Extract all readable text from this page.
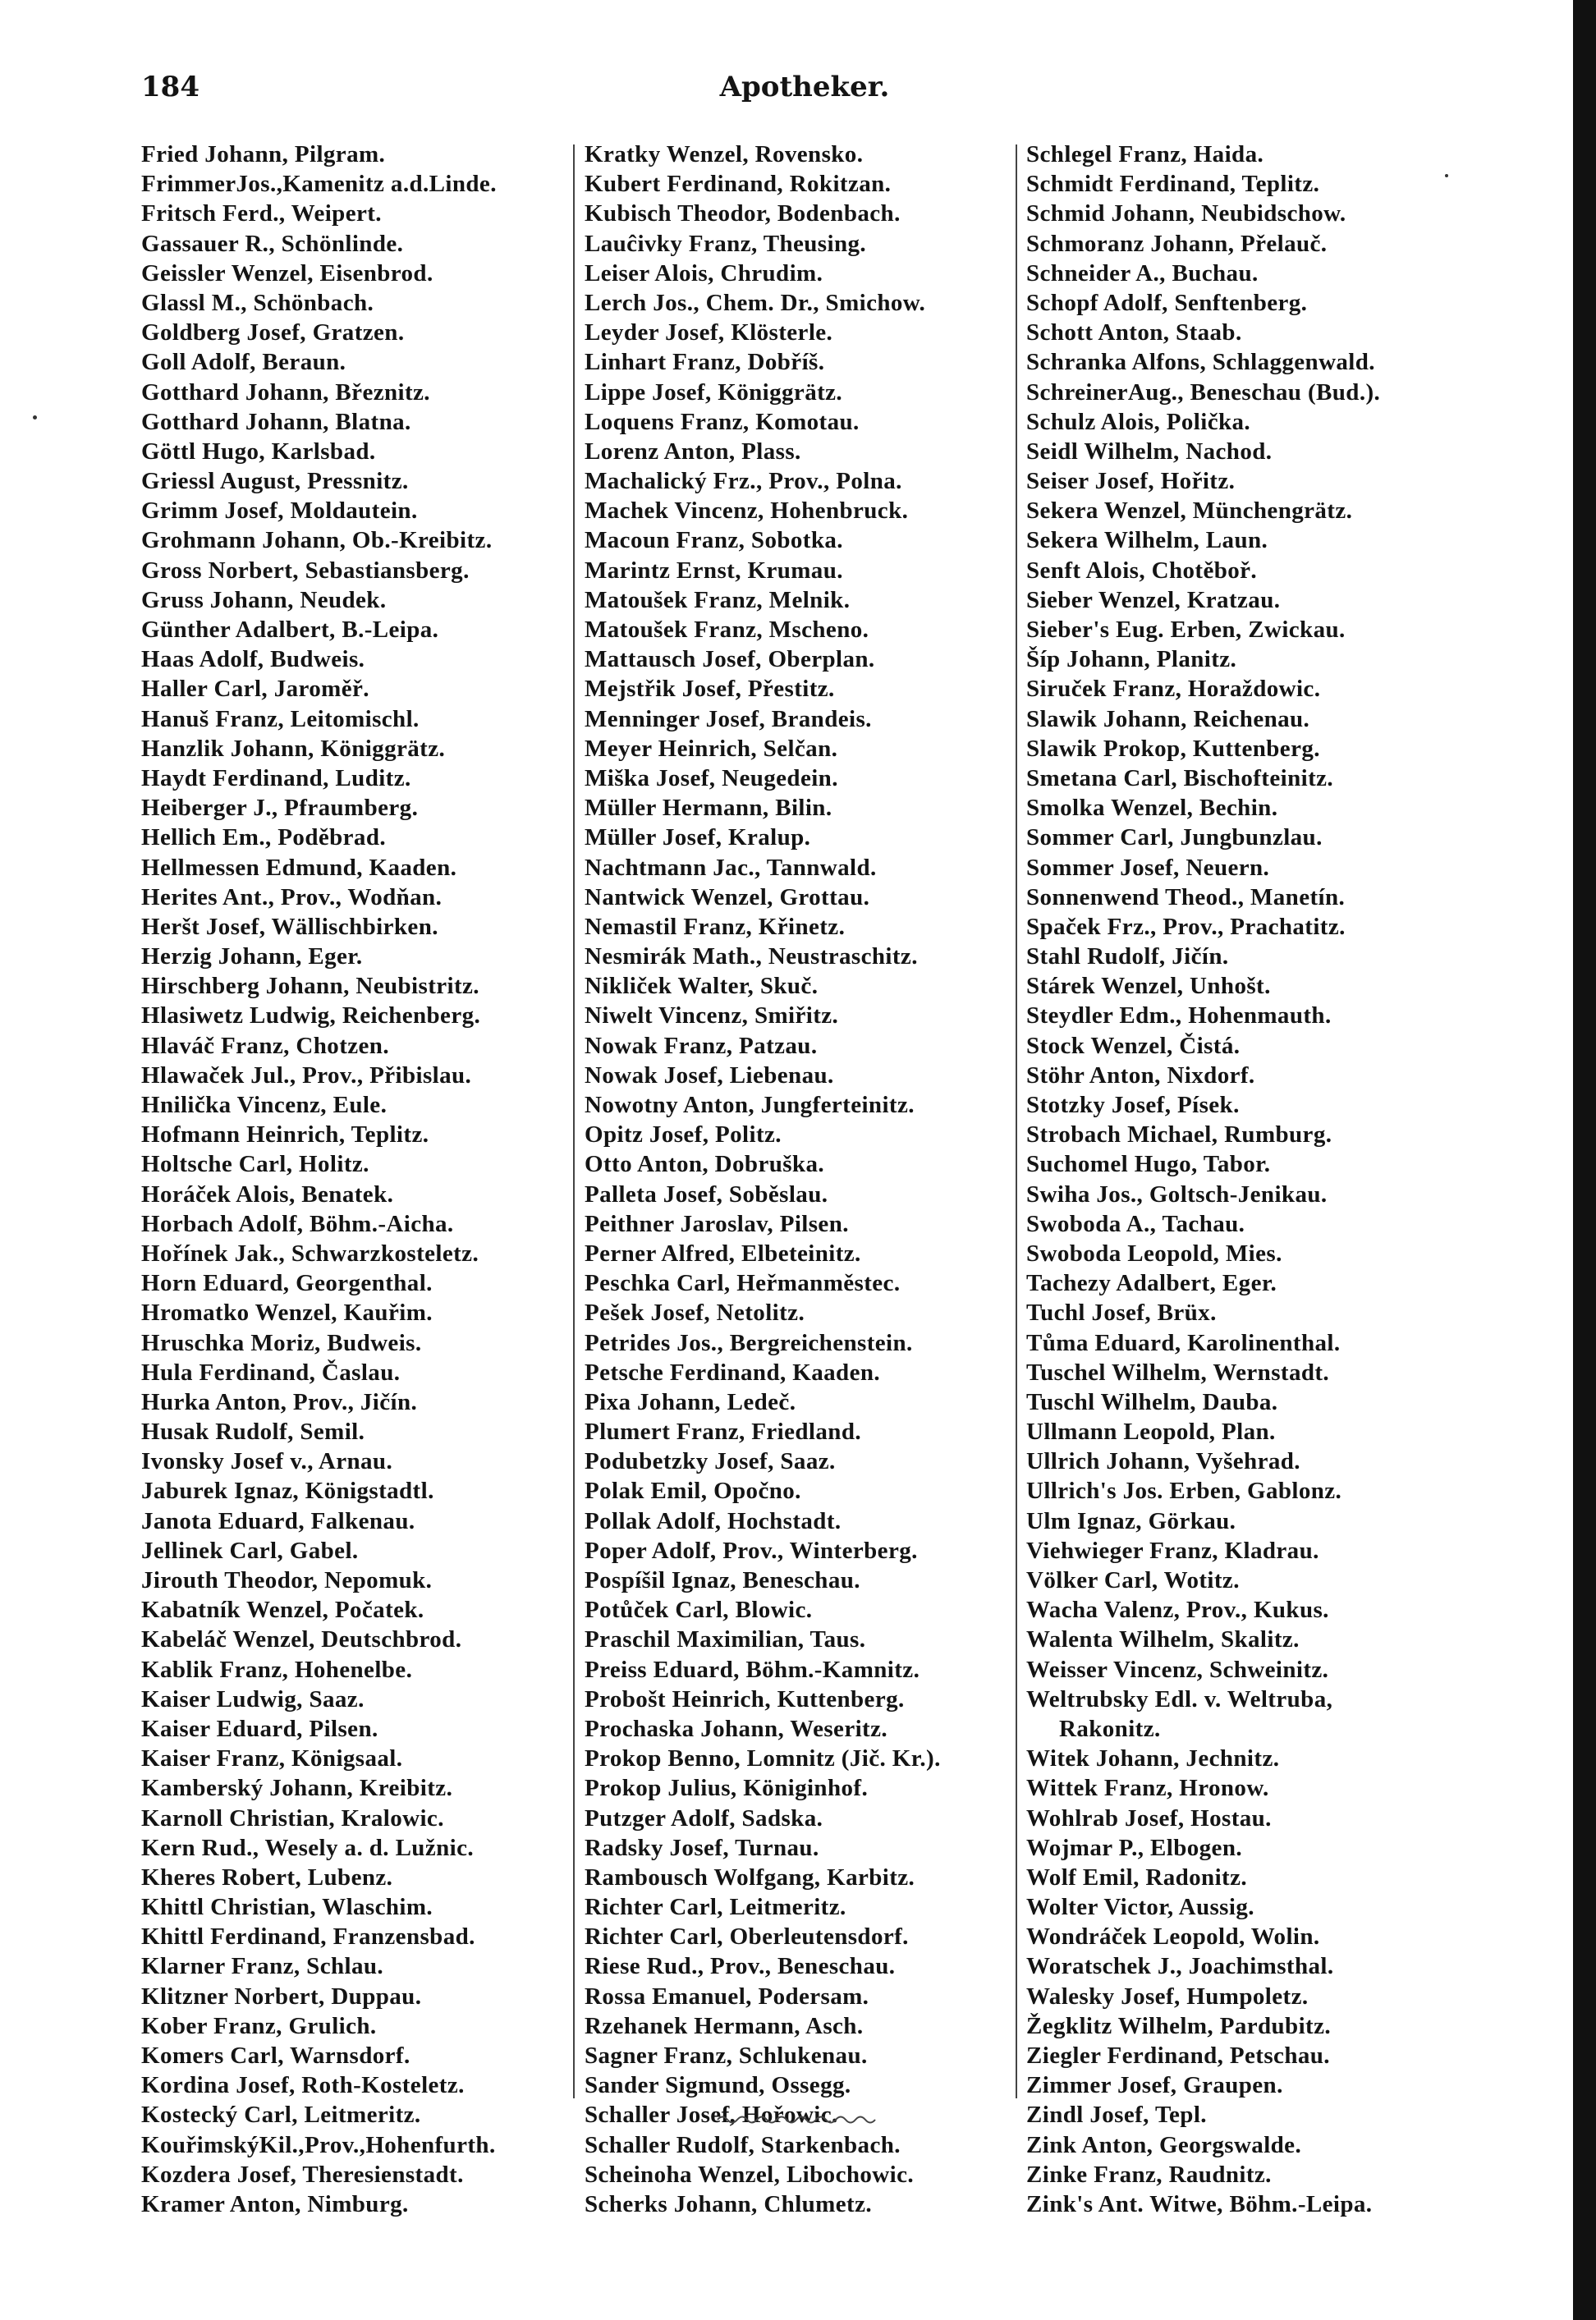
184	Apotheker.
Fried Johann, Pilgram.
FrimmerJos.,Kamenitz a.d.Linde.
Fritsch Ferd., Weipert.
Gassauer R., Schönlinde.
Geissler Wenzel, Eisenbrod.
Glassl M., Schönbach.
Goldberg Josef, Gratzen.
Goll Adolf, Beraun.
Gotthard Johann, Březnitz.
Gotthard Johann, Blatna.
Göttl Hugo, Karlsbad.
Griessl August, Pressnitz.
Grimm Josef, Moldautein.
Grohmann Johann, Ob.-Kreibitz.
Gross Norbert, Sebastiansberg.
Gruss Johann, Neudek.
Günther Adalbert, B.-Leipa.
Haas Adolf, Budweis.
Haller Carl, Jaroměř.
Hanuš Franz, Leitomischl.
Hanzlik Johann, Königgrätz.
Haydt Ferdinand, Luditz.
Heiberger J., Pfraumberg.
Hellich Em., Poděbrad.
Hellmessen Edmund, Kaaden.
Herites Ant., Prov., Wodňan.
Heršt Josef, Wällischbirken.
Herzig Johann, Eger.
Hirschberg Johann, Neubistritz.
Hlasiwetz Ludwig, Reichenberg.
Hlaváč Franz, Chotzen.
Hlawaček Jul., Prov., Přibislau.
Hnilička Vincenz, Eule.
Hofmann Heinrich, Teplitz.
Holtsche Carl, Holitz.
Horáček Alois, Benatek.
Horbach Adolf, Böhm.-Aicha.
Hořínek Jak., Schwarzkosteletz.
Horn Eduard, Georgenthal.
Hromatko Wenzel, Kauřim.
Hruschka Moriz, Budweis.
Hula Ferdinand, Časlau.
Hurka Anton, Prov., Jičín.
Husak Rudolf, Semil.
Ivonsky Josef v., Arnau.
Jaburek Ignaz, Königstadtl.
Janota Eduard, Falkenau.
Jellinek Carl, Gabel.
Jirouth Theodor, Nepomuk.
Kabatník Wenzel, Počatek.
Kabeláč Wenzel, Deutschbrod.
Kablik Franz, Hohenelbe.
Kaiser Ludwig, Saaz.
Kaiser Eduard, Pilsen.
Kaiser Franz, Königsaal.
Kamberský Johann, Kreibitz.
Karnoll Christian, Kralowic.
Kern Rud., Wesely a. d. Lužnic.
Kheres Robert, Lubenz.
Khittl Christian, Wlaschim.
Khittl Ferdinand, Franzensbad.
Klarner Franz, Schlau.
Klitzner Norbert, Duppau.
Kober Franz, Grulich.
Komers Carl, Warnsdorf.
Kordina Josef, Roth-Kosteletz.
Kostecký Carl, Leitmeritz.
KouřimskýKil.,Prov.,Hohenfurth.
Kozdera Josef, Theresienstadt.
Kramer Anton, Nimburg.
Kratky Wenzel, Rovensko.
Kubert Ferdinand, Rokitzan.
Kubisch Theodor, Bodenbach.
Lauĉivky Franz, Theusing.
Leiser Alois, Chrudim.
Lerch Jos., Chem. Dr., Smichow.
Leyder Josef, Klösterle.
Linhart Franz, Dobříš.
Lippe Josef, Königgrätz.
Loquens Franz, Komotau.
Lorenz Anton, Plass.
Machalický Frz., Prov., Polna.
Machek Vincenz, Hohenbruck.
Macoun Franz, Sobotka.
Marintz Ernst, Krumau.
Matoušek Franz, Melnik.
Matoušek Franz, Mscheno.
Mattausch Josef, Oberplan.
Mejstřik Josef, Přestitz.
Menninger Josef, Brandeis.
Meyer Heinrich, Selčan.
Miška Josef, Neugedein.
Müller Hermann, Bilin.
Müller Josef, Kralup.
Nachtmann Jac., Tannwald.
Nantwick Wenzel, Grottau.
Nemastil Franz, Křinetz.
Nesmirák Math., Neustraschitz.
Nikliček Walter, Skuč.
Niwelt Vincenz, Smiřitz.
Nowak Franz, Patzau.
Nowak Josef, Liebenau.
Nowotny Anton, Jungferteinitz.
Opitz Josef, Politz.
Otto Anton, Dobruška.
Palleta Josef, Soběslau.
Peithner Jaroslav, Pilsen.
Perner Alfred, Elbeteinitz.
Peschka Carl, Heřmanměstec.
Pešek Josef, Netolitz.
Petrides Jos., Bergreichenstein.
Petsche Ferdinand, Kaaden.
Pixa Johann, Ledeč.
Plumert Franz, Friedland.
Podubetzky Josef, Saaz.
Polak Emil, Opočno.
Pollak Adolf, Hochstadt.
Poper Adolf, Prov., Winterberg.
Pospíšil Ignaz, Beneschau.
Potůček Carl, Blowic.
Praschil Maximilian, Taus.
Preiss Eduard, Böhm.-Kamnitz.
Probošt Heinrich, Kuttenberg.
Prochaska Johann, Weseritz.
Prokop Benno, Lomnitz (Jič. Kr.).
Prokop Julius, Königinhof.
Putzger Adolf, Sadska.
Radsky Josef, Turnau.
Rambousch Wolfgang, Karbitz.
Richter Carl, Leitmeritz.
Richter Carl, Oberleutensdorf.
Riese Rud., Prov., Beneschau.
Rossa Emanuel, Podersam.
Rzehanek Hermann, Asch.
Sagner Franz, Schlukenau.
Sander Sigmund, Ossegg.
Schaller Josef, Hořowic.
Schaller Rudolf, Starkenbach.
Scheinoha Wenzel, Libochowic.
Scherks Johann, Chlumetz.
Schlegel Franz, Haida.
Schmidt Ferdinand, Teplitz.
Schmid Johann, Neubidschow.
Schmoranz Johann, Přelauč.
Schneider A., Buchau.
Schopf Adolf, Senftenberg.
Schott Anton, Staab.
Schranka Alfons, Schlaggenwald.
SchreinerAug., Beneschau (Bud.).
Schulz Alois, Polička.
Seidl Wilhelm, Nachod.
Seiser Josef, Hořitz.
Sekera Wenzel, Münchengrätz.
Sekera Wilhelm, Laun.
Senft Alois, Chotěboř.
Sieber Wenzel, Kratzau.
Sieber's Eug. Erben, Zwickau.
Šíp Johann, Planitz.
Siruček Franz, Horaždowic.
Slawik Johann, Reichenau.
Slawik Prokop, Kuttenberg.
Smetana Carl, Bischofteinitz.
Smolka Wenzel, Bechin.
Sommer Carl, Jungbunzlau.
Sommer Josef, Neuern.
Sonnenwend Theod., Manetín.
Spaček Frz., Prov., Prachatitz.
Stahl Rudolf, Jičín.
Stárek Wenzel, Unhošt.
Steydler Edm., Hohenmauth.
Stock Wenzel, Čistá.
Stöhr Anton, Nixdorf.
Stotzky Josef, Písek.
Strobach Michael, Rumburg.
Suchomel Hugo, Tabor.
Swiha Jos., Goltsch-Jenikau.
Swoboda A., Tachau.
Swoboda Leopold, Mies.
Tachezy Adalbert, Eger.
Tuchl Josef, Brüx.
Tůma Eduard, Karolinenthal.
Tuschel Wilhelm, Wernstadt.
Tuschl Wilhelm, Dauba.
Ullmann Leopold, Plan.
Ullrich Johann, Vyšehrad.
Ullrich's Jos. Erben, Gablonz.
Ulm Ignaz, Görkau.
Viehwieger Franz, Kladrau.
Völker Carl, Wotitz.
Wacha Valenz, Prov., Kukus.
Walenta Wilhelm, Skalitz.
Weisser Vincenz, Schweinitz.
Weltrubsky Edl. v. Weltruba,
Rakonitz.
Witek Johann, Jechnitz.
Wittek Franz, Hronow.
Wohlrab Josef, Hostau.
Wojmar P., Elbogen.
Wolf Emil, Radonitz.
Wolter Victor, Aussig.
Wondráček Leopold, Wolin.
Woratschek J., Joachimsthal.
Walesky Josef, Humpoletz.
Žegklitz Wilhelm, Pardubitz.
Ziegler Ferdinand, Petschau.
Zimmer Josef, Graupen.
Zindl Josef, Tepl.
Zink Anton, Georgswalde.
Zinke Franz, Raudnitz.
Zink's Ant. Witwe, Böhm.-Leipa.
